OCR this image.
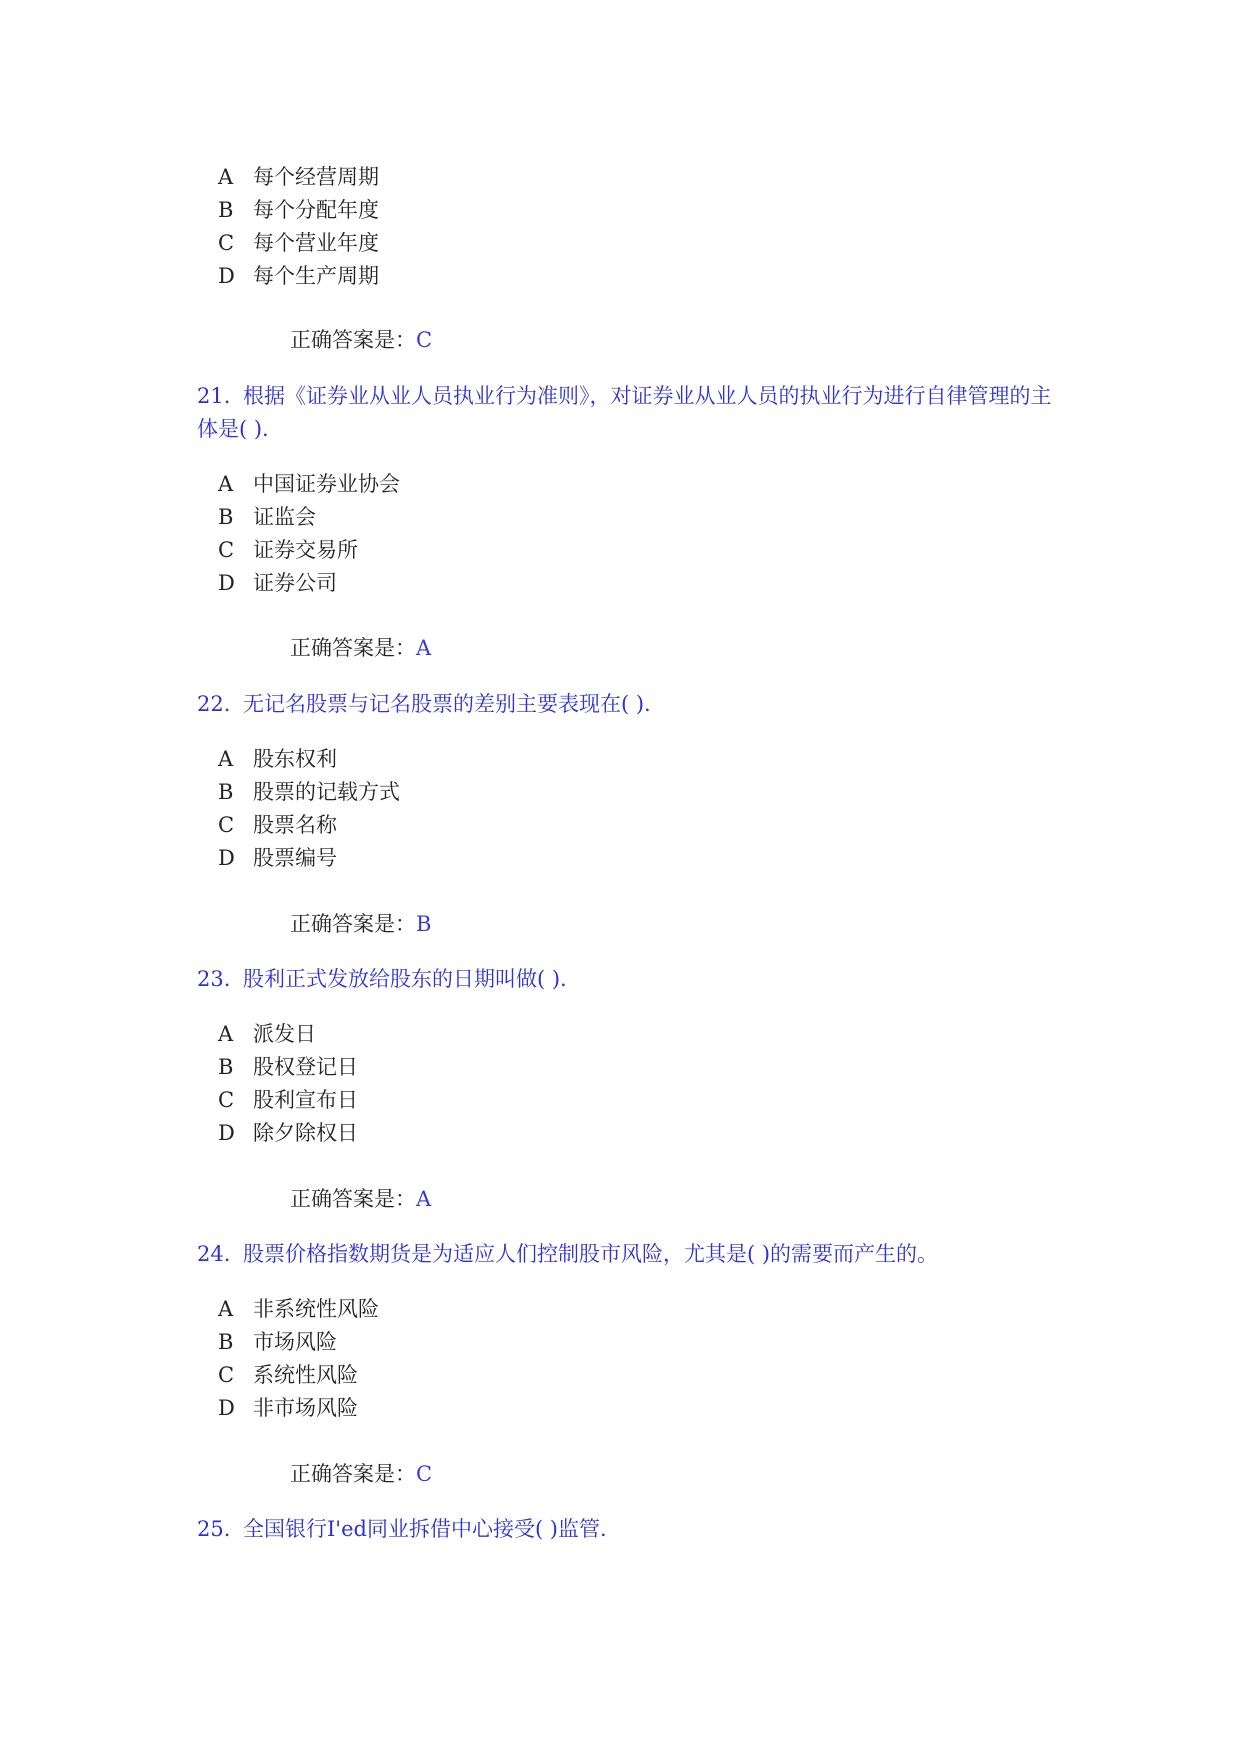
A 每个经营周期
B 每个分配年度
C 每个营业年度
D 每个生产周期
正确答案是：C
21. 根据《证券业从业人员执业行为准则》，对证券业从业人员的执业行为进行自律管理的主体是( ).
A 中国证券业协会
B 证监会
C 证券交易所
D 证券公司
正确答案是：A
22. 无记名股票与记名股票的差别主要表现在( ).
A 股东权利
B 股票的记载方式
C 股票名称
D 股票编号
正确答案是：B
23. 股利正式发放给股东的日期叫做( ).
A 派发日
B 股权登记日
C 股利宣布日
D 除夕除权日
正确答案是：A
24. 股票价格指数期货是为适应人们控制股市风险，尤其是( )的需要而产生的。
A 非系统性风险
B 市场风险
C 系统性风险
D 非市场风险
正确答案是：C
25. 全国银行I'ed同业拆借中心接受( )监管.
